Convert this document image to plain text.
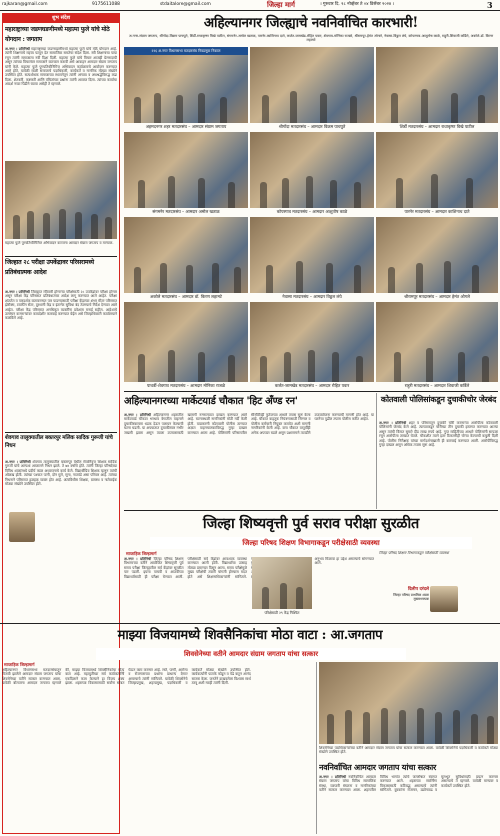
rajkaran@gmail.com	9175611088	stdaitalore@gmail.com	जिल्हा मार्ग	। गुरुवार दि. २८ नोव्हेंबर ते ०४ डिसेंबर २०२४ ।	3
शुभ संदेश
महाराष्ट्राच्या जडणघडणीमध्ये महात्मा फुले यांचे मोठे योगदान : जगताप
अ.नगर । प्रतिनिधी महाराष्ट्राच्या जडणघडणीमध्ये महात्मा फुले यांचे मोठे योगदान आहे. त्यांनी शिक्षणाचे महत्त्व पटवून देत सामाजिक समतेचा संदेश दिला. स्त्री शिक्षणाचा पाया रचून त्यांनी समाजाला नवी दिशा दिली. महात्मा फुले यांचे विचार आजही प्रेरणादायी असून त्यांच्या विचारांवर समाजाने वाटचाल करावी असे आवाहन आमदार संग्राम जगताप यांनी केले. महात्मा फुले पुण्यतिथीनिमित्त अभिवादन कार्यक्रमाचे आयोजन करण्यात आले होते. यावेळी माळी समाजाचे पदाधिकारी, कार्यकर्ते व नागरिक मोठ्या संख्येने उपस्थित होते. सत्यशोधक समाजाच्या स्थापनेतून त्यांनी अन्याय व अंधश्रद्धेविरुद्ध लढा दिला. शेतकरी, कष्टकरी आणि वंचितांच्या प्रश्नांना त्यांनी आवाज दिला. त्यांच्या कार्याचा आदर्श नव्या पिढीने घ्यावा असेही ते म्हणाले.
महात्मा फुले पुण्यतिथीनिमित्त अभिवादन करताना आमदार संग्राम जगताप व मान्यवर.
जिल्हात २८ परीक्षा उपकेंद्रावर परिसरामध्ये प्रतिबंधात्मक आदेश
अ.नगर । प्रतिनिधी जिल्ह्यात रविवारी होणाऱ्या परीक्षेसाठी २८ उपकेंद्रांवर परीक्षा होणार असून परीक्षा केंद्र परिसरात प्रतिबंधात्मक आदेश लागू करण्यात आले आहेत. परीक्षा शांततेत व पारदर्शक वातावरणात पार पाडण्यासाठी परीक्षा केंद्राच्या शंभर मीटर परिसरात झेरॉक्स, टायपिंग सेंटर, दूरध्वनी केंद्र व इंटरनेट सुविधा बंद ठेवण्याचे निर्देश देण्यात आले आहेत. परीक्षा केंद्र परिसरात अनधिकृत व्यक्तींना प्रवेशास मनाई राहील. आदेशाचे उल्लंघन करणाऱ्यांवर कायदेशीर कारवाई करण्यात येईल असे जिल्हाधिकारी कार्यालयाने कळविले आहे.
शेवगाव तालुक्यातील बक्तरपुर मलिक सादिक गुरूजी यांचे निधन
अ.नगर । प्रतिनिधी शेवगाव तालुक्यातील बक्तरपुर येथील सेवानिवृत्त शिक्षक सादिक गुरुजी यांचे अल्पशा आजाराने निधन झाले. ते ७४ वर्षांचे होते. त्यांनी जिल्हा परिषदेच्या विविध शाळांमध्ये प्रदीर्घ काळ अध्यापनाचे कार्य केले. विद्यार्थीप्रिय शिक्षक म्हणून त्यांची ओळख होती. त्यांच्या पश्चात पत्नी, दोन मुले, सुना, नातवंडे असा परिवार आहे. त्यांच्या निधनाने परिसरात हळहळ व्यक्त होत आहे. अंत्यविधीस शिक्षक, ग्रामस्थ व नातेवाईक मोठ्या संख्येने उपस्थित होते.
अहिल्यानगर जिल्ह्याचे नवनिर्वाचित कारभारी!
अ.नगर-संग्राम जगताप, श्रीगोंदा-विक्रम पाचपुते, शिर्डी-राधाकृष्ण विखे पाटील, संगमनेर-अमोल खताळ, पारनेर-काशिनाथ दाते, कर्जत-जामखेड-रोहित पवार, शेवगाव-मोनिका राजळे, श्रीरामपूर-हेमंत ओगले, नेवासा-विठ्ठल लंघे, कोपरगाव-आशुतोष काळे, राहुरी-शिवाजी कर्डिले, अकोले-डॉ. किरण लहामटे
२२६ अ.नगर विधानसभा मतदारसंघ निवडणूक निकाल
अहमदनगर शहर मतदारसंघ – आमदार संग्राम जगताप	श्रीगोंदा मतदारसंघ – आमदार विक्रम पाचपुते	शिर्डी मतदारसंघ – आमदार राधाकृष्ण विखे पाटील
संगमनेर मतदारसंघ – आमदार अमोल खताळ	कोपरगाव मतदारसंघ – आमदार आशुतोष काळे	पारनेर मतदारसंघ – आमदार काशिनाथ दाते
अकोले मतदारसंघ – आमदार डॉ. किरण लहामटे	नेवासा मतदारसंघ – आमदार विठ्ठल लंघे	श्रीरामपूर मतदारसंघ – आमदार हेमंत ओगले
पाथर्डी-शेवगाव मतदारसंघ – आमदार मोनिका राजळे	कर्जत-जामखेड मतदारसंघ – आमदार रोहित पवार	राहुरी मतदारसंघ – आमदार शिवाजी कर्डिले
अहिल्यानगरच्या मार्केटयार्ड चौकात 'हिट अँण्ड रन'
अ.नगर । प्रतिनिधी अहिल्यानगर शहरातील मार्केटयार्ड चौकात भरधाव वेगातील वाहनाने दुचाकीस्वाराला धडक देऊन पलायन केल्याची घटना घडली. या अपघातात दुचाकीस्वार गंभीर जखमी झाला असून त्याला उपचारासाठी खासगी रुग्णालयात दाखल करण्यात आले आहे. घटनास्थळी नागरिकांनी मोठी गर्दी केली होती. याप्रकरणी कोतवाली पोलीस ठाण्यात अज्ञात वाहनचालकाविरुद्ध गुन्हा दाखल करण्यात आला आहे. पोलिसांनी परिसरातील सीसीटीव्ही फुटेजच्या आधारे तपास सुरू केला आहे. चौकात वाहतूक नियंत्रणासाठी सिग्नल व पोलीस कर्मचारी नियुक्त करावेत अशी मागणी नागरिकांनी केली आहे. याच चौकात यापूर्वीही अनेक अपघात घडले असून प्रशासनाने तातडीने उपाययोजना करण्याची मागणी होत आहे. या घटनेचा पुढील तपास पोलीस करीत आहेत.
कोतवाली पोलिसांकडून दुचाकीचोर जेरबंद
अ.नगर । प्रतिनिधी शहर व परिसरातून दुचाकी चोरी करणाऱ्या आरोपीला कोतवाली पोलिसांनी जेरबंद केले आहे. त्याच्याकडून चोरीच्या तीन दुचाकी हस्तगत करण्यात आल्या असून त्यांची किंमत सुमारे दीड लाख रुपये आहे. गुप्त माहितीच्या आधारे पोलिसांनी सापळा रचून आरोपीला ताब्यात घेतले. चौकशीत त्याने इतर ठिकाणीही चोऱ्या केल्याची कबुली दिली आहे. पोलीस निरीक्षक यांच्या मार्गदर्शनाखाली ही कारवाई करण्यात आली. आरोपीविरुद्ध गुन्हा दाखल असून अधिक तपास सुरू आहे.
जिल्हा शिष्यवृत्ती पुर्व सराव परीक्षा सुरळीत
जिल्हा परिषद शिक्षण विभागाकडून परीक्षेसाठी व्यवस्था
साप्ताहिक जिल्हामार्ग
अ.नगर । प्रतिनिधी जिल्हा परिषद शिक्षण विभागाच्या वतीने आयोजित शिष्यवृत्ती पूर्व सराव परीक्षा जिल्ह्यातील सर्व केंद्रांवर सुरळीत पार पडली. इयत्ता पाचवी व आठवीच्या विद्यार्थ्यांसाठी ही परीक्षा घेण्यात आली. परीक्षेसाठी सर्व केंद्रांवर आवश्यक व्यवस्था करण्यात आली होती. विद्यार्थ्यांचा उत्साह मोठ्या प्रमाणात दिसून आला. सराव परीक्षेमुळे मुख्य परीक्षेची तयारी चांगली होण्यास मदत होते असे शिक्षणाधिकाऱ्यांनी सांगितले. अनुभव मिळावा हा उद्देश असल्याचे सांगण्यात आले.
परिक्षेसाठी २९ केंद्र निश्चित
जिल्हा परिषद शिक्षण विभागाकडून परीक्षेसाठी व्यवस्था
दिलीप दरंदले
जिल्हा परिषद प्राथमिक शाळा मुख्याध्यापक
माझ्या विजयामध्ये शिवसैनिकांचा मोठा वाटा : आ.जगताप
शिवसेनेच्या वतीने आमदार संग्राम जगताप यांचा सत्कार
साप्ताहिक जिल्हामार्ग
अहिल्यानगर विधानसभा मतदारसंघातून विजयी झालेले आमदार संग्राम जगताप यांचा शिवसेनेच्या वतीने सत्कार करण्यात आला. यावेळी बोलताना आमदार जगताप म्हणाले की, माझ्या विजयामध्ये शिवसैनिकांचा मोठा वाटा आहे. महायुतीच्या सर्व कार्यकर्त्यांनी एकदिलाने काम केल्याने हा विजय शक्य झाला. शहराच्या विकासासाठी सर्वांना सोबत घेऊन काम करणार आहे. रस्ते, पाणी, आरोग्य व रोजगाराच्या प्रश्नांना प्राधान्य देणार असल्याचे त्यांनी सांगितले. यावेळी शिवसेनेचे जिल्हाप्रमुख, शहरप्रमुख, पदाधिकारी व कार्यकर्ते मोठ्या संख्येने उपस्थित होते. कार्यकर्त्यांनी फटाके फोडून व पेढे वाटून आनंद साजरा केला. जनतेने दाखवलेला विश्वास सार्थ ठरवू अशी ग्वाही त्यांनी दिली.
शिवसेनेच्या पदाधिकाऱ्यांच्या वतीने आमदार संग्राम जगताप यांचा सत्कार करण्यात आला. यावेळी शिवसेनेचे पदाधिकारी व कार्यकर्ते मोठ्या संख्येने उपस्थित होते.
नवनिर्वाचित आमदार जगताप यांचा सत्कार
अ.नगर । प्रतिनिधी नवनिर्वाचित आमदार संग्राम जगताप यांचा विविध सामाजिक संस्था, व्यापारी संघटना व नागरिकांच्या वतीने सत्कार करण्यात आला. शहरातील विविध भागांत त्यांचे जल्लोषात स्वागत करण्यात आले. शहराच्या सर्वांगीण विकासासाठी कटिबद्ध असल्याचे त्यांनी सांगितले. युवकांना रोजगार, उद्योगवाढ व मूलभूत सुविधांसाठी प्रयत्न करणार असल्याचे ते म्हणाले. यावेळी मान्यवर व कार्यकर्ते उपस्थित होते.
